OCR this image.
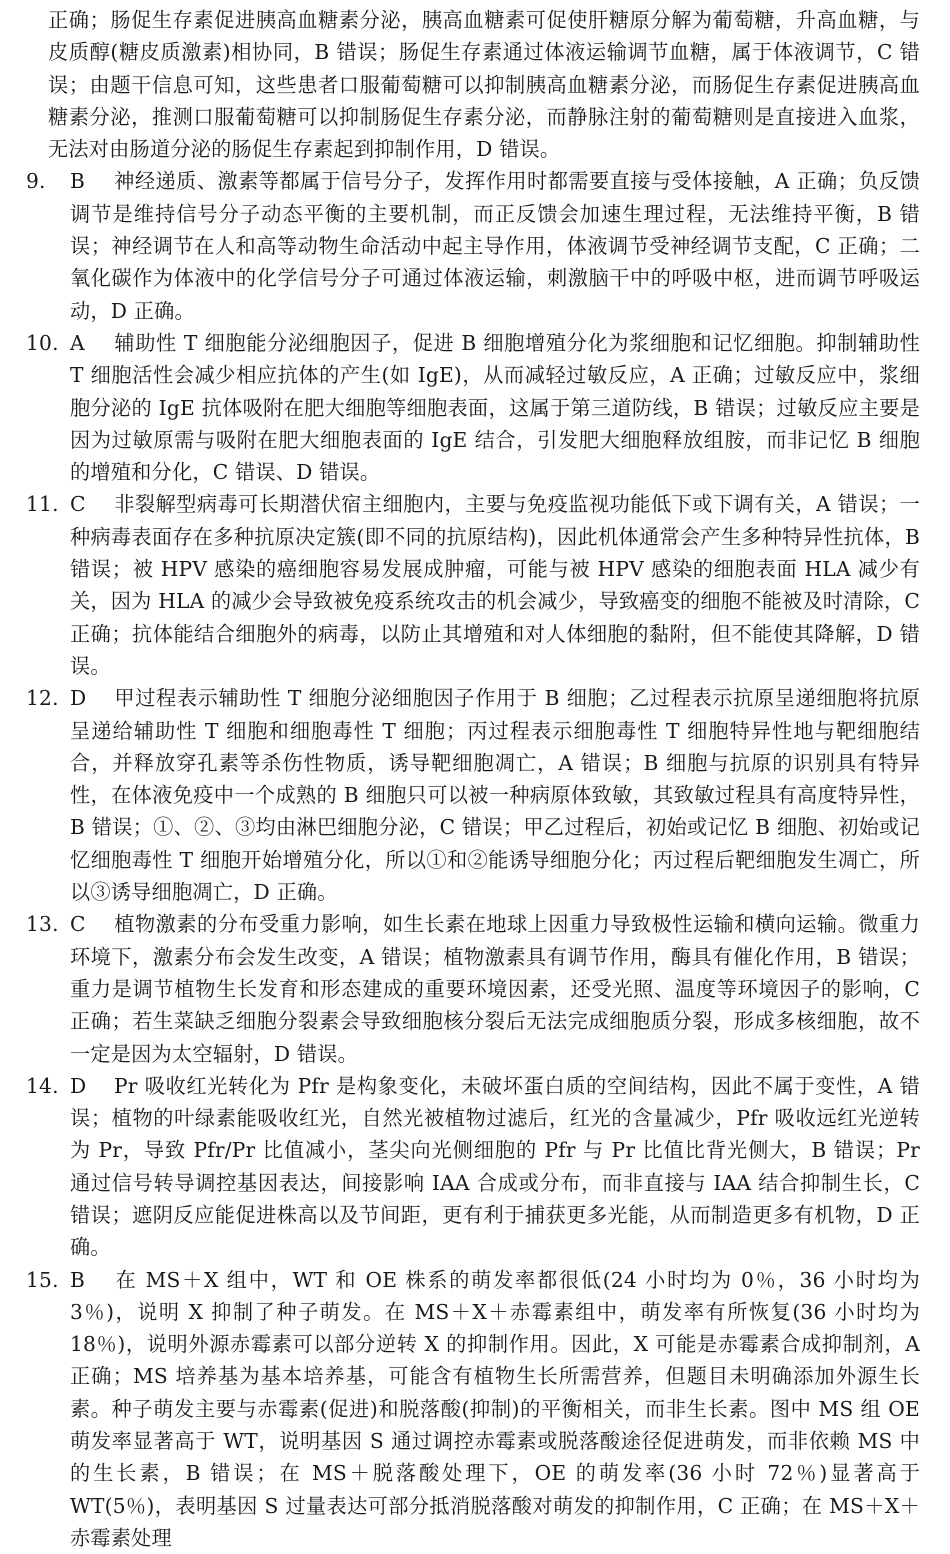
正确；肠促生存素促进胰高血糖素分泌，胰高血糖素可促使肝糖原分解为葡萄糖，升高血糖，与皮质醇(糖皮质激素)相协同，B 错误；肠促生存素通过体液运输调节血糖，属于体液调节，C 错误；由题干信息可知，这些患者口服葡萄糖可以抑制胰高血糖素分泌，而肠促生存素促进胰高血糖素分泌，推测口服葡萄糖可以抑制肠促生存素分泌，而静脉注射的葡萄糖则是直接进入血浆，无法对由肠道分泌的肠促生存素起到抑制作用，D 错误。

9. B 神经递质、激素等都属于信号分子，发挥作用时都需要直接与受体接触，A 正确；负反馈调节是维持信号分子动态平衡的主要机制，而正反馈会加速生理过程，无法维持平衡，B 错误；神经调节在人和高等动物生命活动中起主导作用，体液调节受神经调节支配，C 正确；二氧化碳作为体液中的化学信号分子可通过体液运输，刺激脑干中的呼吸中枢，进而调节呼吸运动，D 正确。
10. A 辅助性 T 细胞能分泌细胞因子，促进 B 细胞增殖分化为浆细胞和记忆细胞。抑制辅助性 T 细胞活性会减少相应抗体的产生(如 IgE)，从而减轻过敏反应，A 正确；过敏反应中，浆细胞分泌的 IgE 抗体吸附在肥大细胞等细胞表面，这属于第三道防线，B 错误；过敏反应主要是因为过敏原需与吸附在肥大细胞表面的 IgE 结合，引发肥大细胞释放组胺，而非记忆 B 细胞的增殖和分化，C 错误、D 错误。
11. C 非裂解型病毒可长期潜伏宿主细胞内，主要与免疫监视功能低下或下调有关，A 错误；一种病毒表面存在多种抗原决定簇(即不同的抗原结构)，因此机体通常会产生多种特异性抗体，B 错误；被 HPV 感染的癌细胞容易发展成肿瘤，可能与被 HPV 感染的细胞表面 HLA 减少有关，因为 HLA 的减少会导致被免疫系统攻击的机会减少，导致癌变的细胞不能被及时清除，C 正确；抗体能结合细胞外的病毒，以防止其增殖和对人体细胞的黏附，但不能使其降解，D 错误。
12. D 甲过程表示辅助性 T 细胞分泌细胞因子作用于 B 细胞；乙过程表示抗原呈递细胞将抗原呈递给辅助性 T 细胞和细胞毒性 T 细胞；丙过程表示细胞毒性 T 细胞特异性地与靶细胞结合，并释放穿孔素等杀伤性物质，诱导靶细胞凋亡，A 错误；B 细胞与抗原的识别具有特异性，在体液免疫中一个成熟的 B 细胞只可以被一种病原体致敏，其致敏过程具有高度特异性，B 错误；①、②、③均由淋巴细胞分泌，C 错误；甲乙过程后，初始或记忆 B 细胞、初始或记忆细胞毒性 T 细胞开始增殖分化，所以①和②能诱导细胞分化；丙过程后靶细胞发生凋亡，所以③诱导细胞凋亡，D 正确。
13. C 植物激素的分布受重力影响，如生长素在地球上因重力导致极性运输和横向运输。微重力环境下，激素分布会发生改变，A 错误；植物激素具有调节作用，酶具有催化作用，B 错误；重力是调节植物生长发育和形态建成的重要环境因素，还受光照、温度等环境因子的影响，C 正确；若生菜缺乏细胞分裂素会导致细胞核分裂后无法完成细胞质分裂，形成多核细胞，故不一定是因为太空辐射，D 错误。
14. D Pr 吸收红光转化为 Pfr 是构象变化，未破坏蛋白质的空间结构，因此不属于变性，A 错误；植物的叶绿素能吸收红光，自然光被植物过滤后，红光的含量减少，Pfr 吸收远红光逆转为 Pr，导致 Pfr/Pr 比值减小，茎尖向光侧细胞的 Pfr 与 Pr 比值比背光侧大，B 错误；Pr 通过信号转导调控基因表达，间接影响 IAA 合成或分布，而非直接与 IAA 结合抑制生长，C 错误；遮阴反应能促进株高以及节间距，更有利于捕获更多光能，从而制造更多有机物，D 正确。
15. B 在 MS＋X 组中，WT 和 OE 株系的萌发率都很低(24 小时均为 0％，36 小时均为 3％)，说明 X 抑制了种子萌发。在 MS＋X＋赤霉素组中，萌发率有所恢复(36 小时均为 18％)，说明外源赤霉素可以部分逆转 X 的抑制作用。因此，X 可能是赤霉素合成抑制剂，A 正确；MS 培养基为基本培养基，可能含有植物生长所需营养，但题目未明确添加外源生长素。种子萌发主要与赤霉素(促进)和脱落酸(抑制)的平衡相关，而非生长素。图中 MS 组 OE 萌发率显著高于 WT，说明基因 S 通过调控赤霉素或脱落酸途径促进萌发，而非依赖 MS 中的生长素，B 错误；在 MS＋脱落酸处理下，OE 的萌发率(36 小时 72％)显著高于 WT(5％)，表明基因 S 过量表达可部分抵消脱落酸对萌发的抑制作用，C 正确；在 MS＋X＋赤霉素处理
